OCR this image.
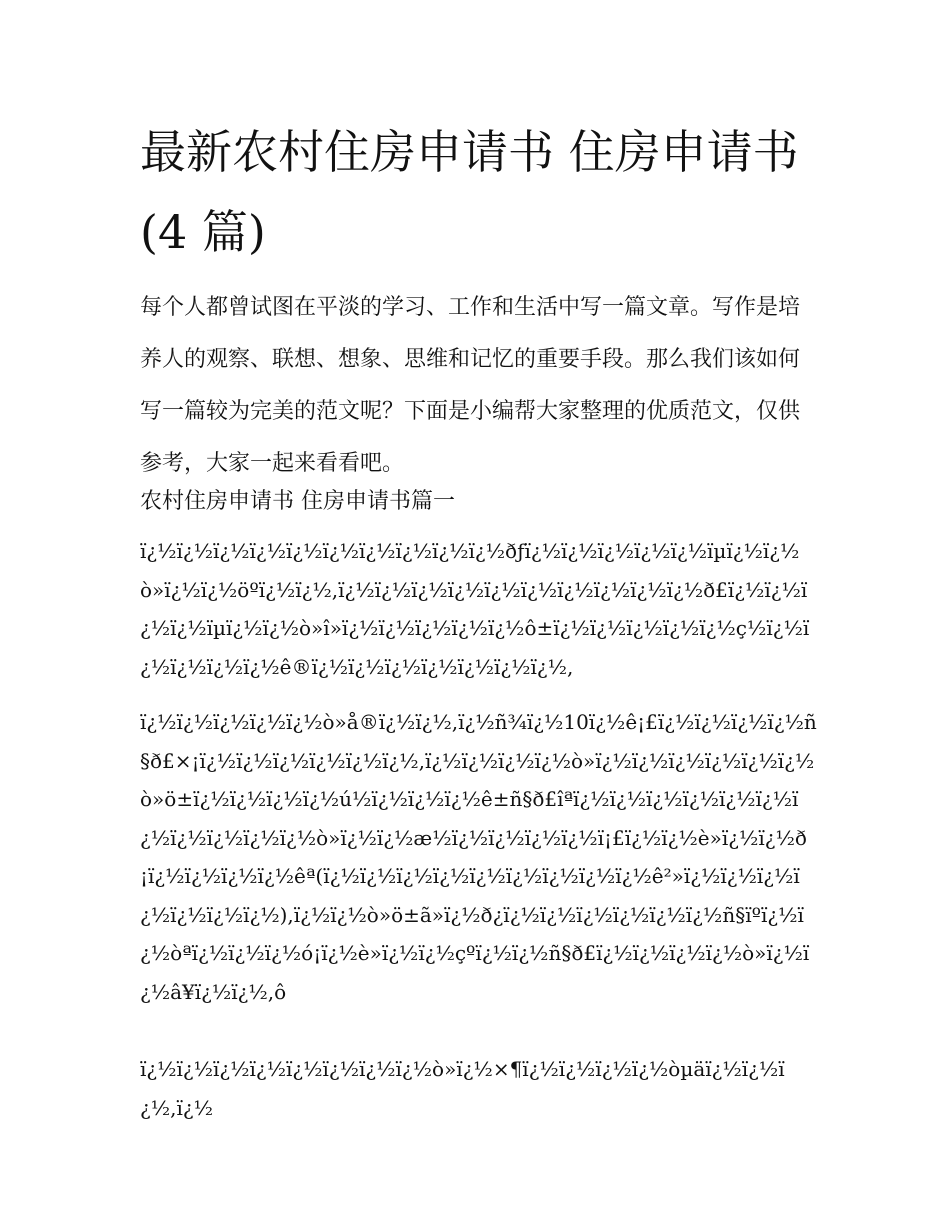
最新农村住房申请书 住房申请书(4 篇)

每个人都曾试图在平淡的学习、工作和生活中写一篇文章。写作是培养人的观察、联想、想象、思维和记忆的重要手段。那么我们该如何写一篇较为完美的范文呢？下面是小编帮大家整理的优质范文，仅供参考，大家一起来看看吧。

农村住房申请书 住房申请书篇一

ï¿½ï¿½ï¿½ï¿½ï¿½ï¿½ï¿½ï¿½ï¿½ï¿½ðƒï¿½ï¿½ï¿½ï¿½ï¿½ïµï¿½ï¿½ò»ï¿½ï¿½öºï¿½ï¿½,ï¿½ï¿½ï¿½ï¿½ï¿½ï¿½ï¿½ï¿½ï¿½ï¿½ð£ï¿½ï¿½ï¿½ï¿½ïµï¿½ï¿½ò»î»ï¿½ï¿½ï¿½ï¿½ï¿½ô±ï¿½ï¿½ï¿½ï¿½ï¿½ç½ï¿½ï¿½ï¿½ï¿½ï¿½ê®ï¿½ï¿½ï¿½ï¿½ï¿½ï¿½ï¿½,

ï¿½ï¿½ï¿½ï¿½ï¿½ò»å®ï¿½ï¿½,ï¿½ñ¾ï¿½10ï¿½ê¡£ï¿½ï¿½ï¿½ï¿½ñ§ð£×¡ï¿½ï¿½ï¿½ï¿½ï¿½ï¿½,ï¿½ï¿½ï¿½ï¿½ò»ï¿½ï¿½ï¿½ï¿½ï¿½ï¿½ò»ö±ï¿½ï¿½ï¿½ï¿½ú½ï¿½ï¿½ï¿½ê±ñ§ð£îªï¿½ï¿½ï¿½ï¿½ï¿½ï¿½ï¿½ï¿½ï¿½ï¿½ï¿½ò»ï¿½ï¿½æ½ï¿½ï¿½ï¿½ï¿½ï¡£ï¿½ï¿½è»ï¿½ï¿½ð¡ï¿½ï¿½ï¿½ï¿½êª(ï¿½ï¿½ï¿½ï¿½ï¿½ï¿½ï¿½ï¿½ï¿½ê²»ï¿½ï¿½ï¿½ï¿½ï¿½ï¿½ï¿½),ï¿½ï¿½ò»ö±ã»ï¿½ð¿ï¿½ï¿½ï¿½ï¿½ï¿½ï¿½ñ§ïºï¿½ï¿½òªï¿½ï¿½ï¿½ó¡ï¿½è»ï¿½ï¿½çºï¿½ï¿½ñ§ð£ï¿½ï¿½ï¿½ï¿½ò»ï¿½ï¿½â¥ï¿½ï¿½,ô

ï¿½ï¿½ï¿½ï¿½ï¿½ï¿½ï¿½ï¿½ò»ï¿½×¶ï¿½ï¿½ï¿½ï¿½òµäï¿½ï¿½ï¿½,ï¿½
